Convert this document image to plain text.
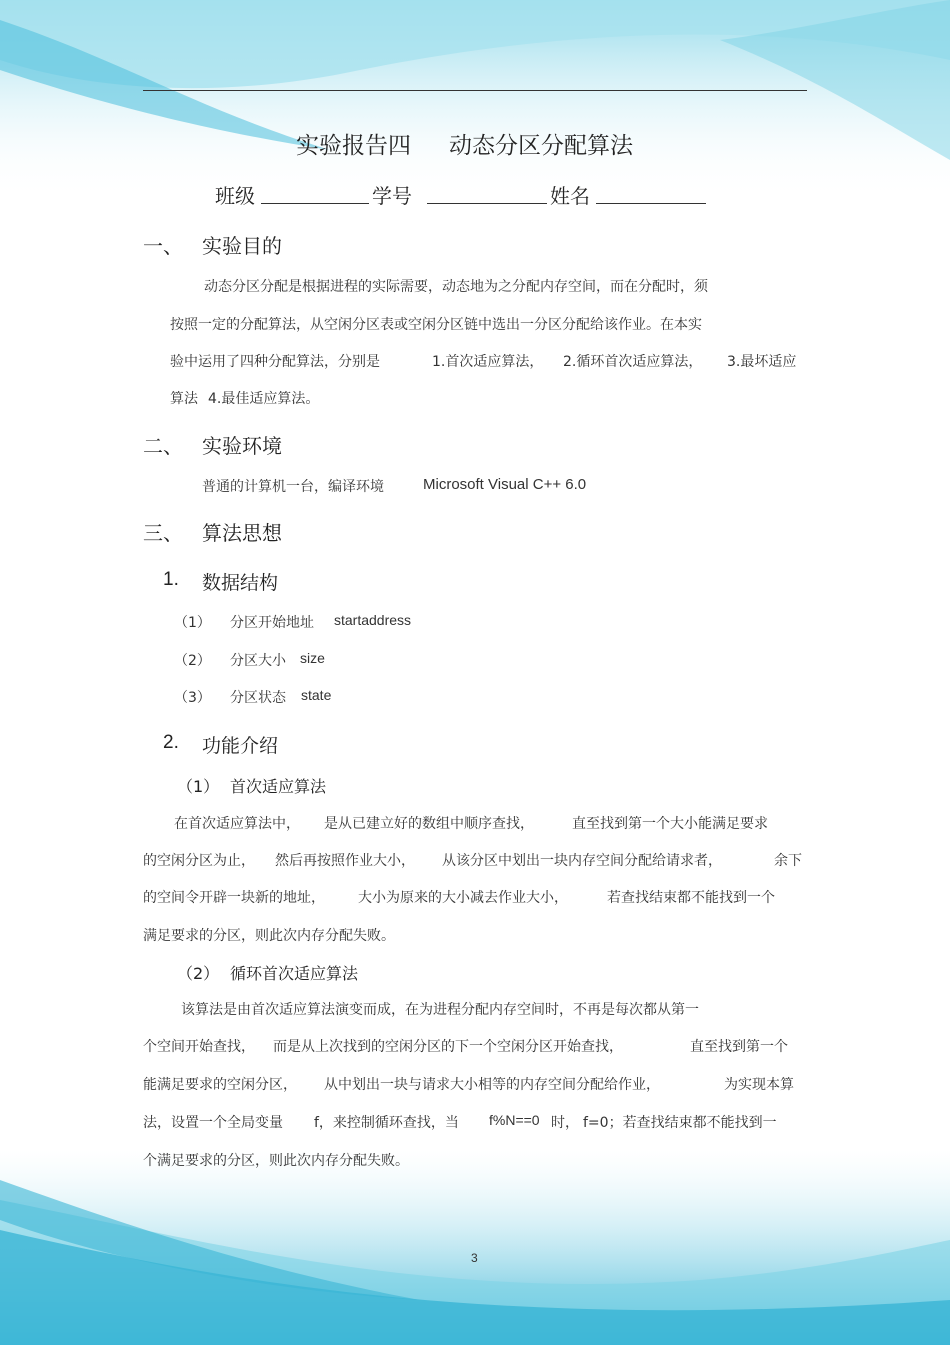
实验报告四 动态分区分配算法
班级	学号	姓名
一、 实验目的
动态分区分配是根据进程的实际需要，动态地为之分配内存空间，而在分配时，须
按照一定的分配算法，从空闲分区表或空闲分区链中选出一分区分配给该作业。在本实
验中运用了四种分配算法，分别是	1.首次适应算法， 2.循环首次适应算法， 3.最坏适应
算法 4.最佳适应算法。
二、 实验环境
普通的计算机一台，编译环境	Microsoft Visual C++ 6.0
三、 算法思想
1. 数据结构
（1） 分区开始地址 startaddress
（2） 分区大小 size
（3） 分区状态 state
2. 功能介绍
（1） 首次适应算法
在首次适应算法中， 是从已建立好的数组中顺序查找，	直至找到第一个大小能满足要求
的空闲分区为止， 然后再按照作业大小， 从该分区中划出一块内存空间分配给请求者，	余下
的空间令开辟一块新的地址， 大小为原来的大小减去作业大小，	若查找结束都不能找到一个
满足要求的分区，则此次内存分配失败。
（2） 循环首次适应算法
该算法是由首次适应算法演变而成，在为进程分配内存空间时，不再是每次都从第一
个空间开始查找， 而是从上次找到的空闲分区的下一个空闲分区开始查找，	直至找到第一个
能满足要求的空闲分区， 从中划出一块与请求大小相等的内存空间分配给作业，	为实现本算
法，设置一个全局变量 f，来控制循环查找，当 f%N==0 时， f=0；若查找结束都不能找到一
个满足要求的分区，则此次内存分配失败。
3
